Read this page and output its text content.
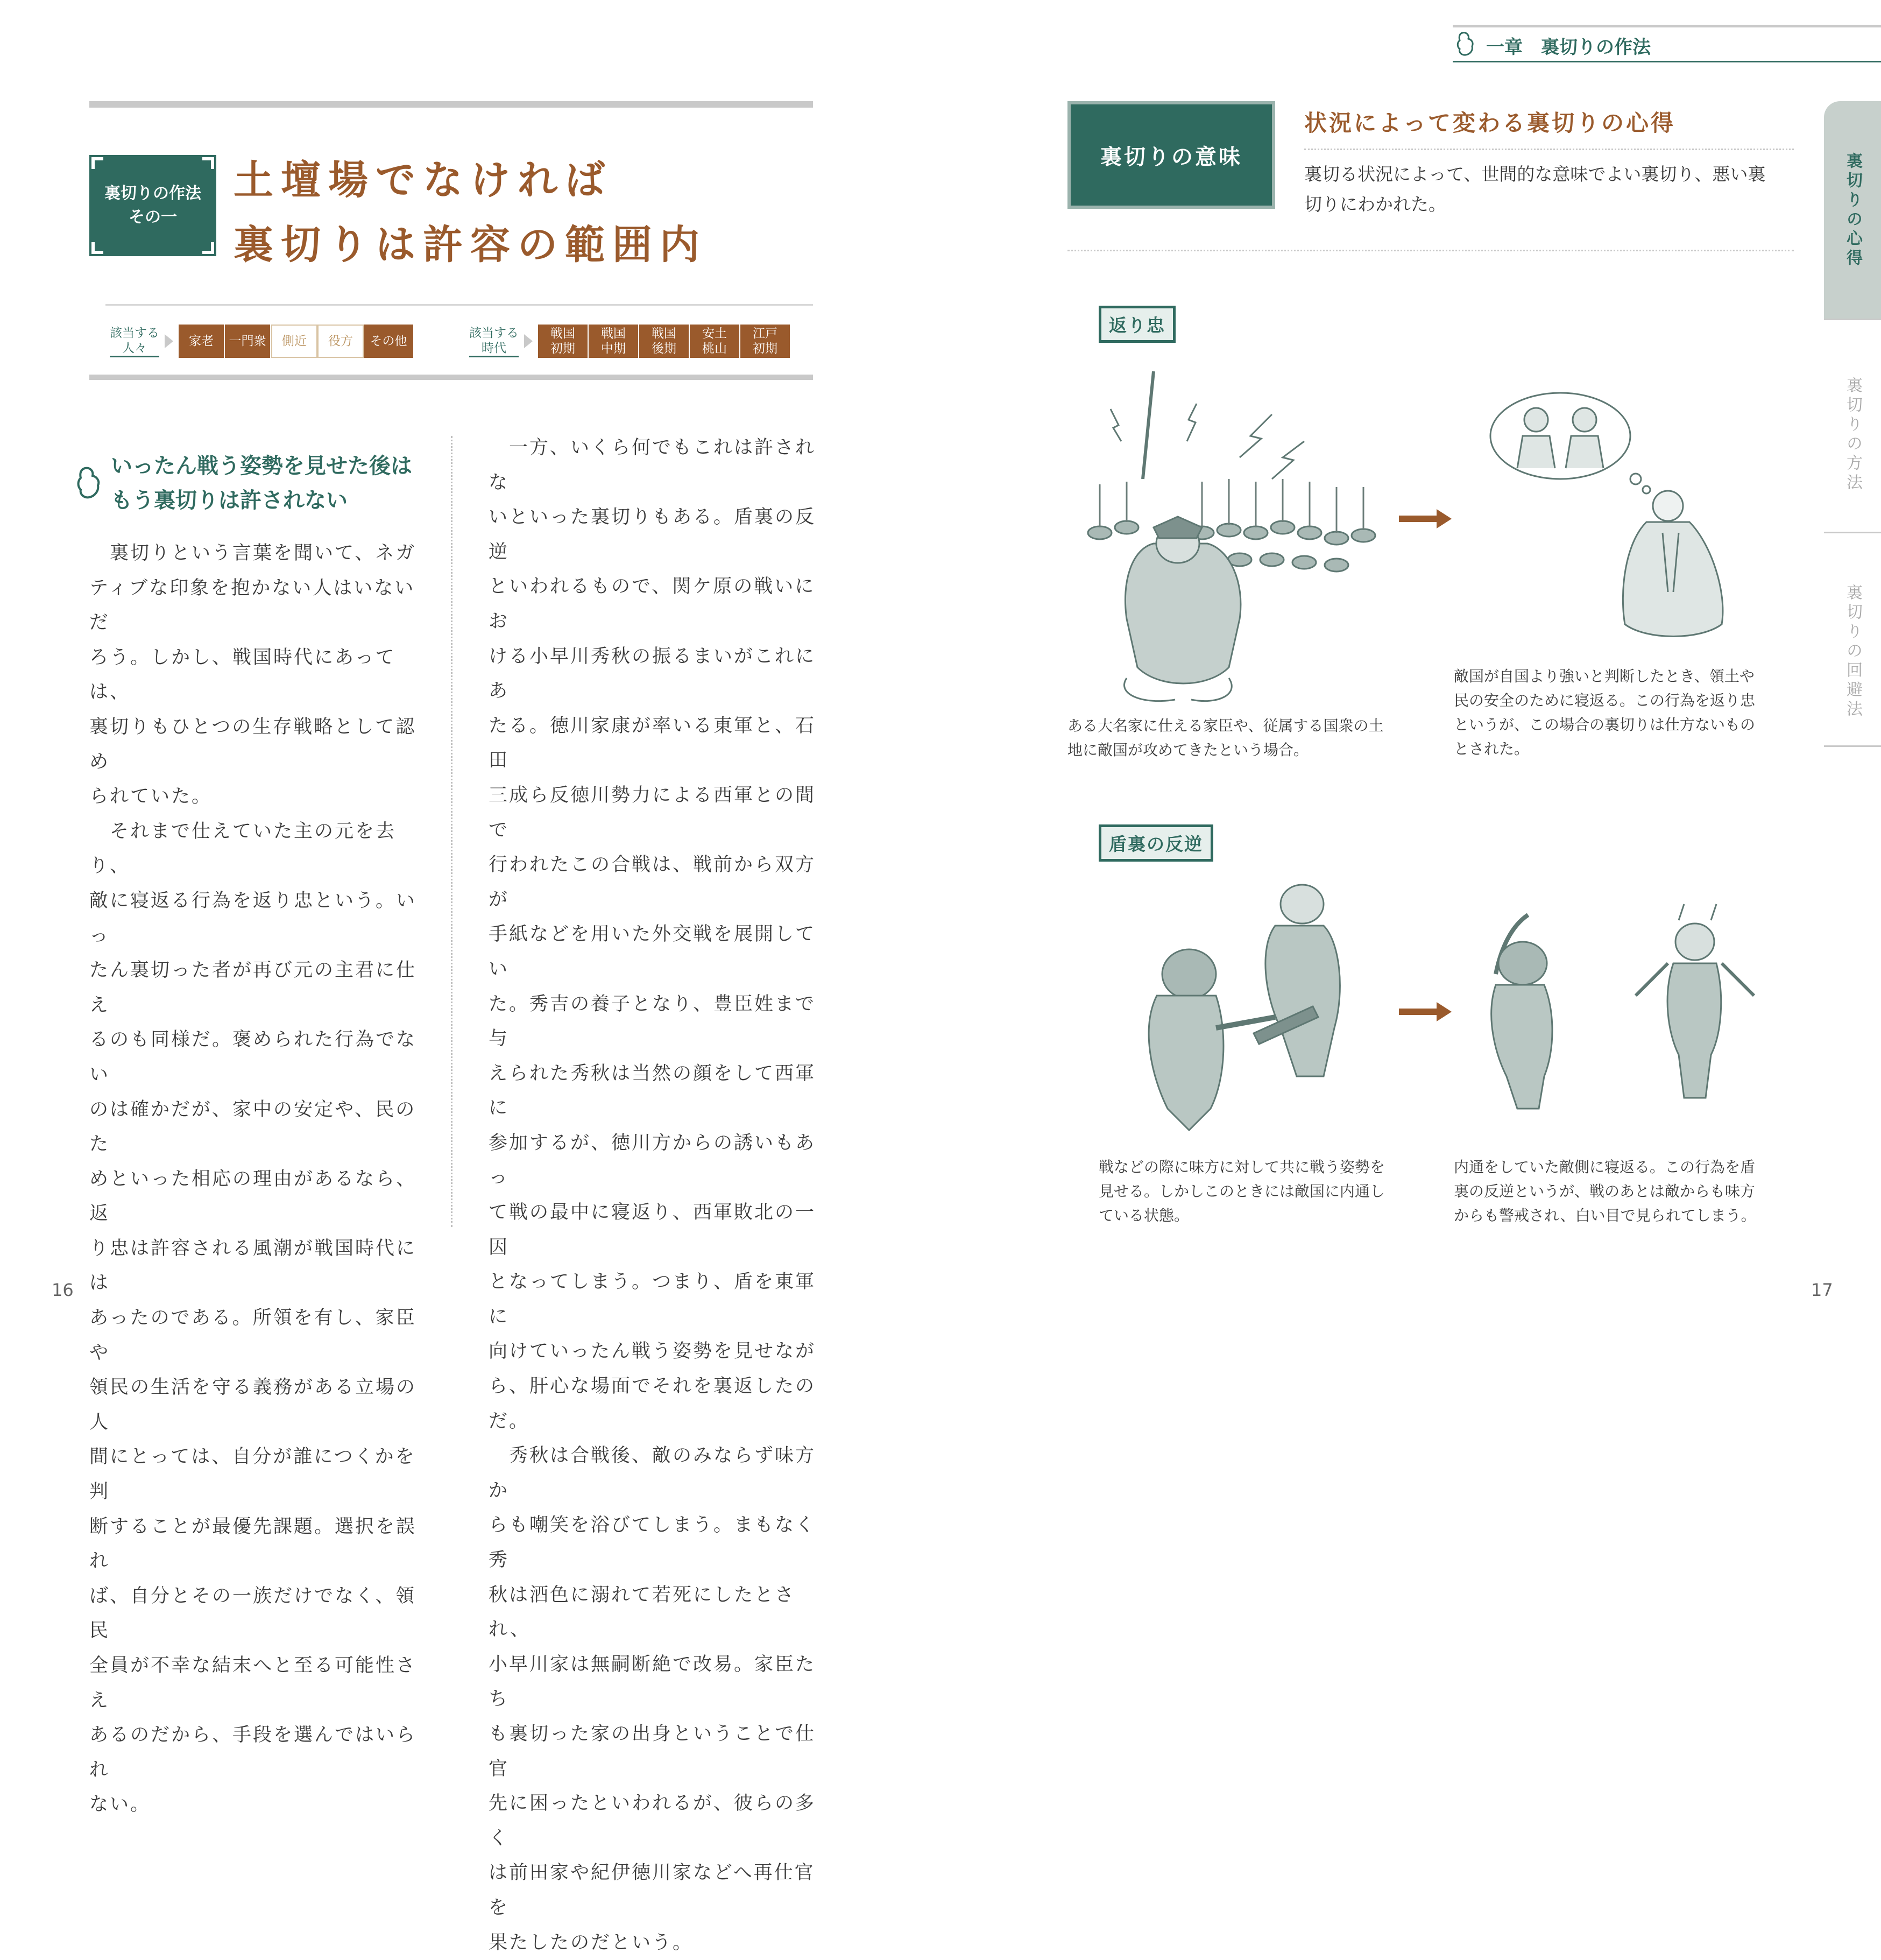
裏切りの作法
その一
土壇場でなければ
裏切りは許容の範囲内
該当する
人々	家老	一門衆	側近	役方	その他
該当する
時代
戦国
初期
戦国
中期
戦国
後期
安土
桃山
江戸
初期
いったん戦う姿勢を見せた後は
もう裏切りは許されない
　裏切りという言葉を聞いて、ネガ
ティブな印象を抱かない人はいないだ
ろう。しかし、戦国時代にあっては、
裏切りもひとつの生存戦略として認め
られていた。
　それまで仕えていた主の元を去り、
敵に寝返る行為を返り忠という。いっ
たん裏切った者が再び元の主君に仕え
るのも同様だ。褒められた行為でない
のは確かだが、家中の安定や、民のた
めといった相応の理由があるなら、返
り忠は許容される風潮が戦国時代には
あったのである。所領を有し、家臣や
領民の生活を守る義務がある立場の人
間にとっては、自分が誰につくかを判
断することが最優先課題。選択を誤れ
ば、自分とその一族だけでなく、領民
全員が不幸な結末へと至る可能性さえ
あるのだから、手段を選んではいられ
ない。
　一方、いくら何でもこれは許されな
いといった裏切りもある。盾裏の反逆
といわれるもので、関ケ原の戦いにお
ける小早川秀秋の振るまいがこれにあ
たる。徳川家康が率いる東軍と、石田
三成ら反徳川勢力による西軍との間で
行われたこの合戦は、戦前から双方が
手紙などを用いた外交戦を展開してい
た。秀吉の養子となり、豊臣姓まで与
えられた秀秋は当然の顔をして西軍に
参加するが、徳川方からの誘いもあっ
て戦の最中に寝返り、西軍敗北の一因
となってしまう。つまり、盾を東軍に
向けていったん戦う姿勢を見せなが
ら、肝心な場面でそれを裏返したのだ。
　秀秋は合戦後、敵のみならず味方か
らも嘲笑を浴びてしまう。まもなく秀
秋は酒色に溺れて若死にしたとされ、
小早川家は無嗣断絶で改易。家臣たち
も裏切った家の出身ということで仕官
先に困ったといわれるが、彼らの多く
は前田家や紀伊徳川家などへ再仕官を
果たしたのだという。
16
一章　裏切りの作法
裏切りの意味
状況によって変わる裏切りの心得
裏切る状況によって、世間的な意味でよい裏切り、悪い裏
切りにわかれた。	裏切りの心得
裏切りの方法
裏切りの回避法
返り忠
ある大名家に仕える家臣や、従属する国衆の土
地に敵国が攻めてきたという場合。
敵国が自国より強いと判断したとき、領土や
民の安全のために寝返る。この行為を返り忠
というが、この場合の裏切りは仕方ないもの
とされた。
盾裏の反逆
戦などの際に味方に対して共に戦う姿勢を
見せる。しかしこのときには敵国に内通し
ている状態。
内通をしていた敵側に寝返る。この行為を盾
裏の反逆というが、戦のあとは敵からも味方
からも警戒され、白い目で見られてしまう。
17
